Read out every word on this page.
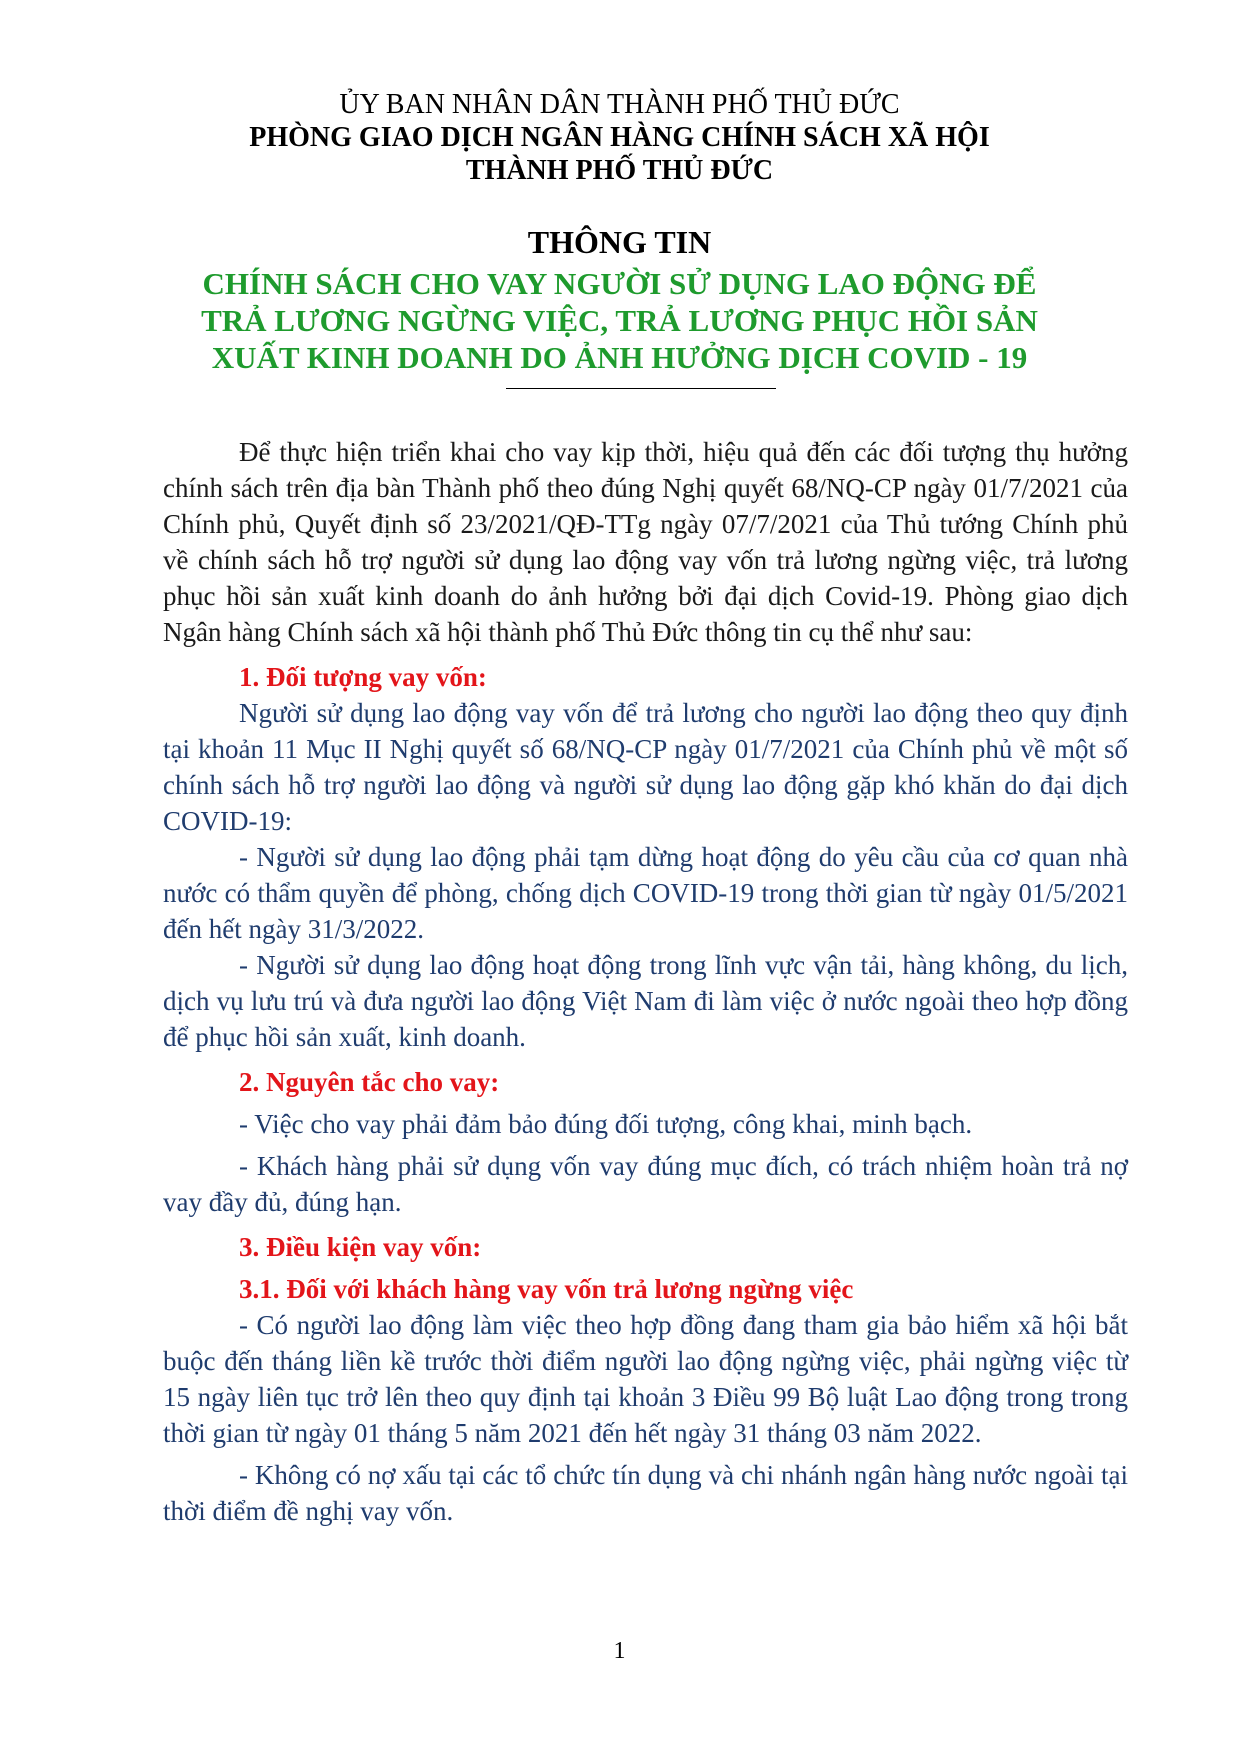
ỦY BAN NHÂN DÂN THÀNH PHỐ THỦ ĐỨC
PHÒNG GIAO DỊCH NGÂN HÀNG CHÍNH SÁCH XÃ HỘI
THÀNH PHỐ THỦ ĐỨC
THÔNG TIN
CHÍNH SÁCH CHO VAY NGƯỜI SỬ DỤNG LAO ĐỘNG ĐỂ
TRẢ LƯƠNG NGỪNG VIỆC, TRẢ LƯƠNG PHỤC HỒI SẢN
XUẤT KINH DOANH DO ẢNH HƯỞNG DỊCH COVID - 19

Để thực hiện triển khai cho vay kịp thời, hiệu quả đến các đối tượng thụ hưởng chính sách trên địa bàn Thành phố theo đúng Nghị quyết 68/NQ-CP ngày 01/7/2021 của Chính phủ, Quyết định số 23/2021/QĐ-TTg ngày 07/7/2021 của Thủ tướng Chính phủ về chính sách hỗ trợ người sử dụng lao động vay vốn trả lương ngừng việc, trả lương phục hồi sản xuất kinh doanh do ảnh hưởng bởi đại dịch Covid-19. Phòng giao dịch Ngân hàng Chính sách xã hội thành phố Thủ Đức thông tin cụ thể như sau:

1. Đối tượng vay vốn:

Người sử dụng lao động vay vốn để trả lương cho người lao động theo quy định tại khoản 11 Mục II Nghị quyết số 68/NQ-CP ngày 01/7/2021 của Chính phủ về một số chính sách hỗ trợ người lao động và người sử dụng lao động gặp khó khăn do đại dịch COVID-19:

- Người sử dụng lao động phải tạm dừng hoạt động do yêu cầu của cơ quan nhà nước có thẩm quyền để phòng, chống dịch COVID-19 trong thời gian từ ngày 01/5/2021 đến hết ngày 31/3/2022.

- Người sử dụng lao động hoạt động trong lĩnh vực vận tải, hàng không, du lịch, dịch vụ lưu trú và đưa người lao động Việt Nam đi làm việc ở nước ngoài theo hợp đồng để phục hồi sản xuất, kinh doanh.

2. Nguyên tắc cho vay:

- Việc cho vay phải đảm bảo đúng đối tượng, công khai, minh bạch.

- Khách hàng phải sử dụng vốn vay đúng mục đích, có trách nhiệm hoàn trả nợ vay đầy đủ, đúng hạn.

3. Điều kiện vay vốn:

3.1. Đối với khách hàng vay vốn trả lương ngừng việc

- Có người lao động làm việc theo hợp đồng đang tham gia bảo hiểm xã hội bắt buộc đến tháng liền kề trước thời điểm người lao động ngừng việc, phải ngừng việc từ 15 ngày liên tục trở lên theo quy định tại khoản 3 Điều 99 Bộ luật Lao động trong trong thời gian từ ngày 01 tháng 5 năm 2021 đến hết ngày 31 tháng 03 năm 2022.

- Không có nợ xấu tại các tổ chức tín dụng và chi nhánh ngân hàng nước ngoài tại thời điểm đề nghị vay vốn.

1
